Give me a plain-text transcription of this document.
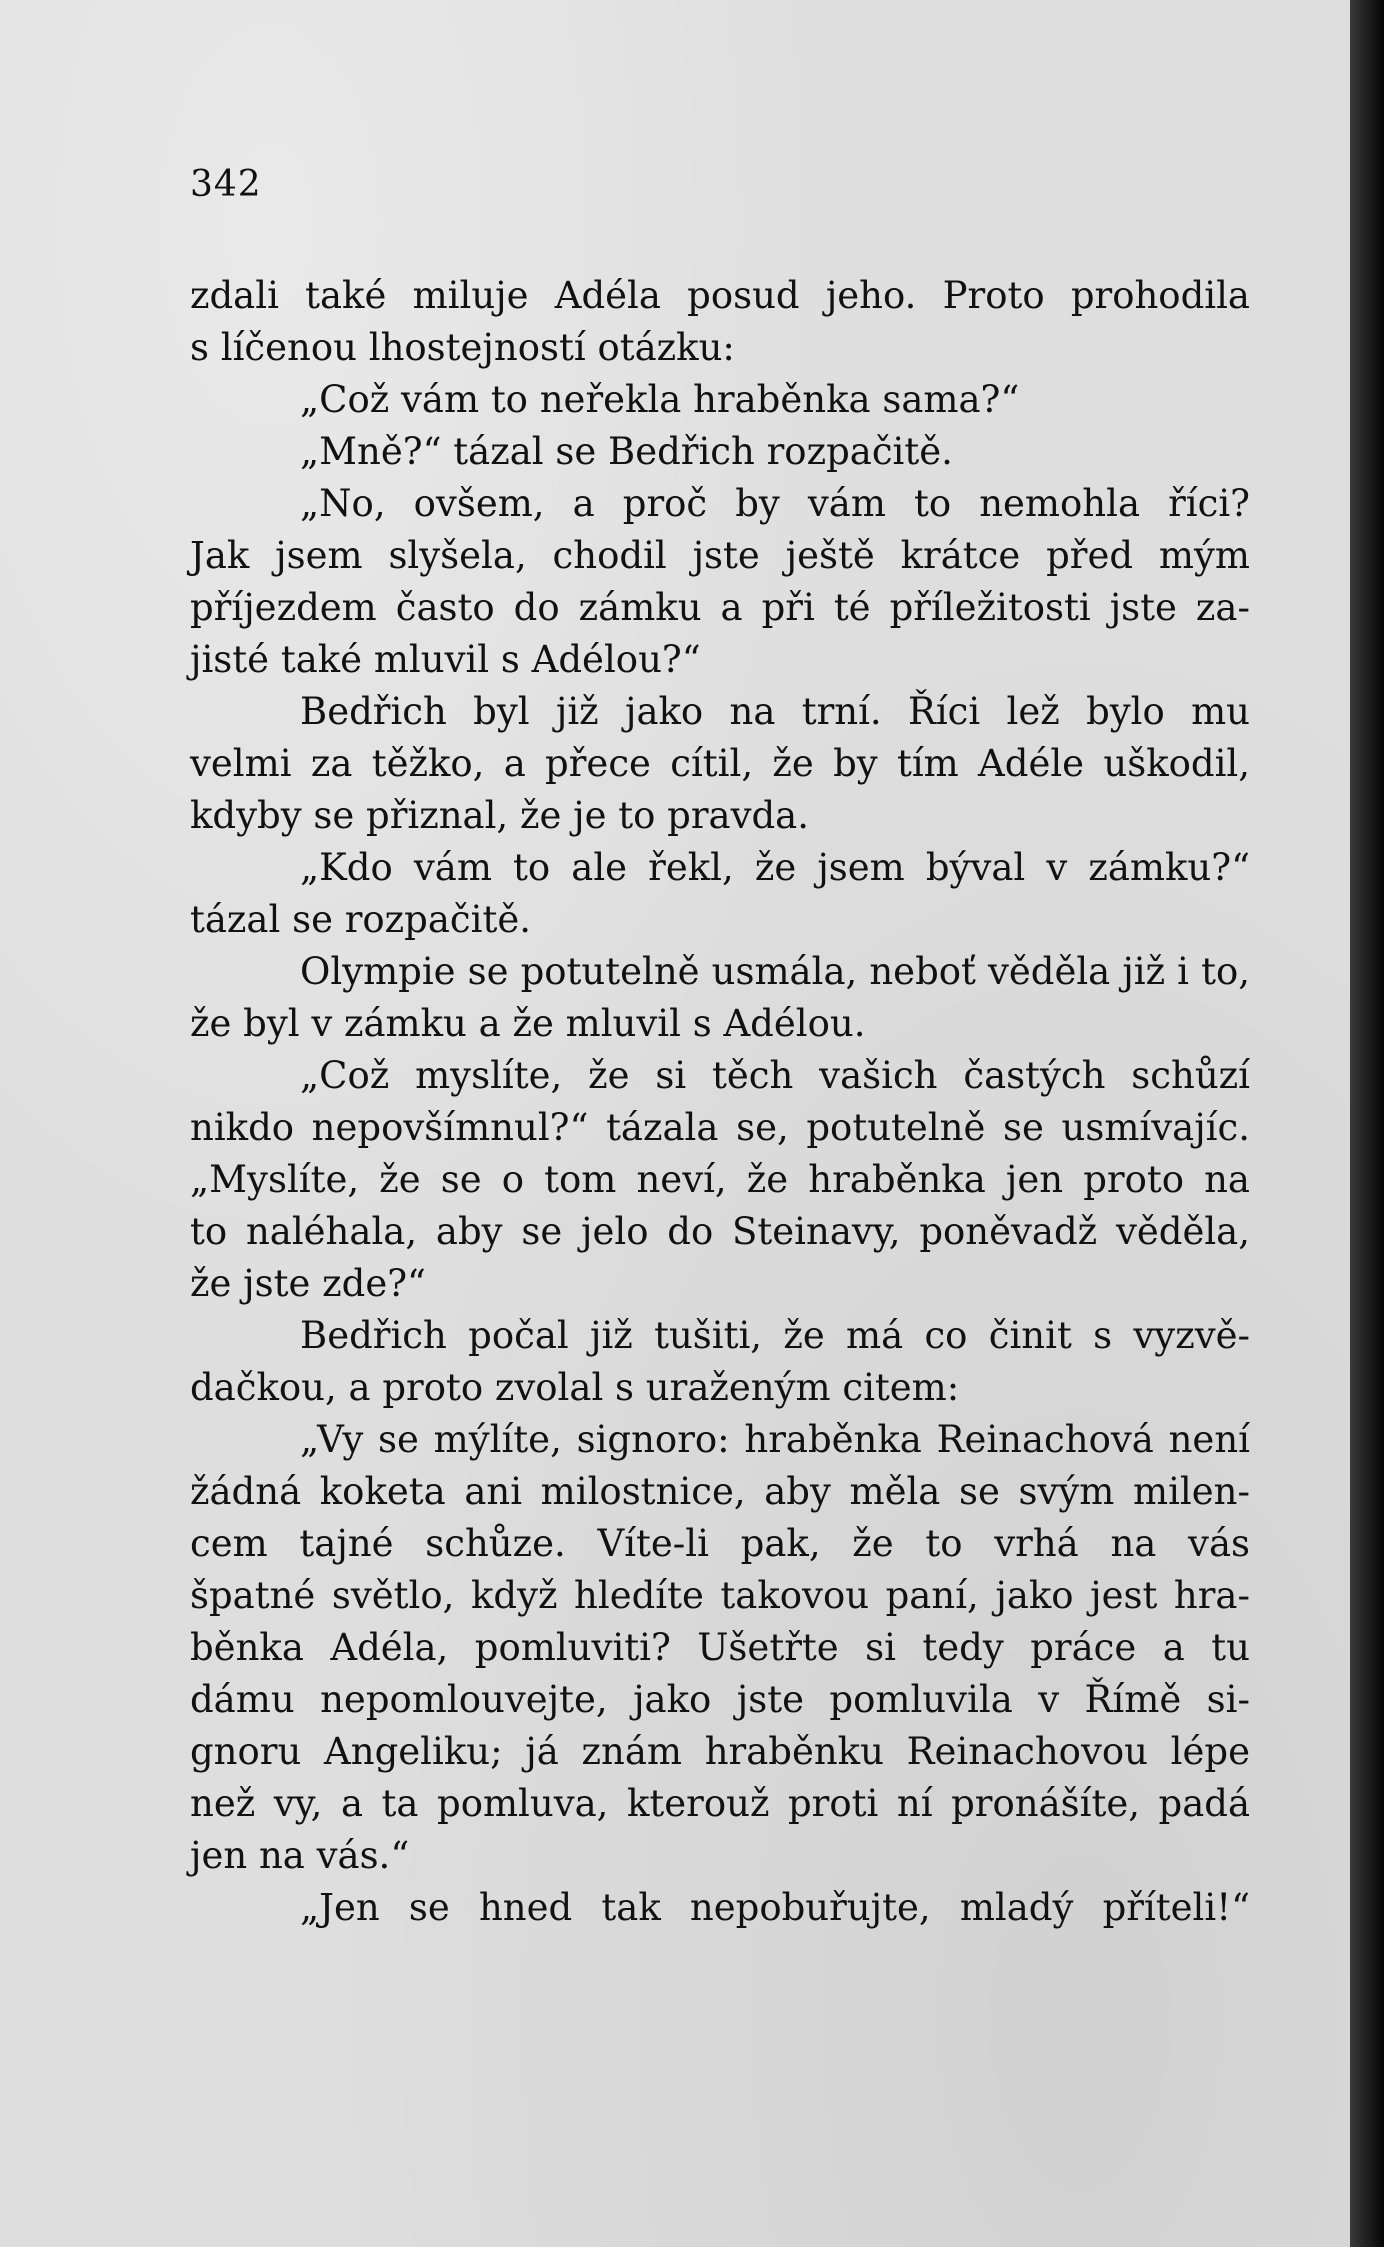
342
zdali také miluje Adéla posud jeho. Proto prohodila
s líčenou lhostejností otázku:
„Což vám to neřekla hraběnka sama?“
„Mně?“ tázal se Bedřich rozpačitě.
„No, ovšem, a proč by vám to nemohla říci?
Jak jsem slyšela, chodil jste ještě krátce před mým
příjezdem často do zámku a při té příležitosti jste za-
jisté také mluvil s Adélou?“
Bedřich byl již jako na trní. Říci lež bylo mu
velmi za těžko, a přece cítil, že by tím Adéle uškodil,
kdyby se přiznal, že je to pravda.
„Kdo vám to ale řekl, že jsem býval v zámku?“
tázal se rozpačitě.
Olympie se potutelně usmála, neboť věděla již i to,
že byl v zámku a že mluvil s Adélou.
„Což myslíte, že si těch vašich častých schůzí
nikdo nepovšímnul?“ tázala se, potutelně se usmívajíc.
„Myslíte, že se o tom neví, že hraběnka jen proto na
to naléhala, aby se jelo do Steinavy, poněvadž věděla,
že jste zde?“
Bedřich počal již tušiti, že má co činit s vyzvě-
dačkou, a proto zvolal s uraženým citem:
„Vy se mýlíte, signoro: hraběnka Reinachová není
žádná koketa ani milostnice, aby měla se svým milen-
cem tajné schůze. Víte-li pak, že to vrhá na vás
špatné světlo, když hledíte takovou paní, jako jest hra-
běnka Adéla, pomluviti? Ušetřte si tedy práce a tu
dámu nepomlouvejte, jako jste pomluvila v Římě si-
gnoru Angeliku; já znám hraběnku Reinachovou lépe
než vy, a ta pomluva, kterouž proti ní pronášíte, padá
jen na vás.“
„Jen se hned tak nepobuřujte, mladý příteli!“
